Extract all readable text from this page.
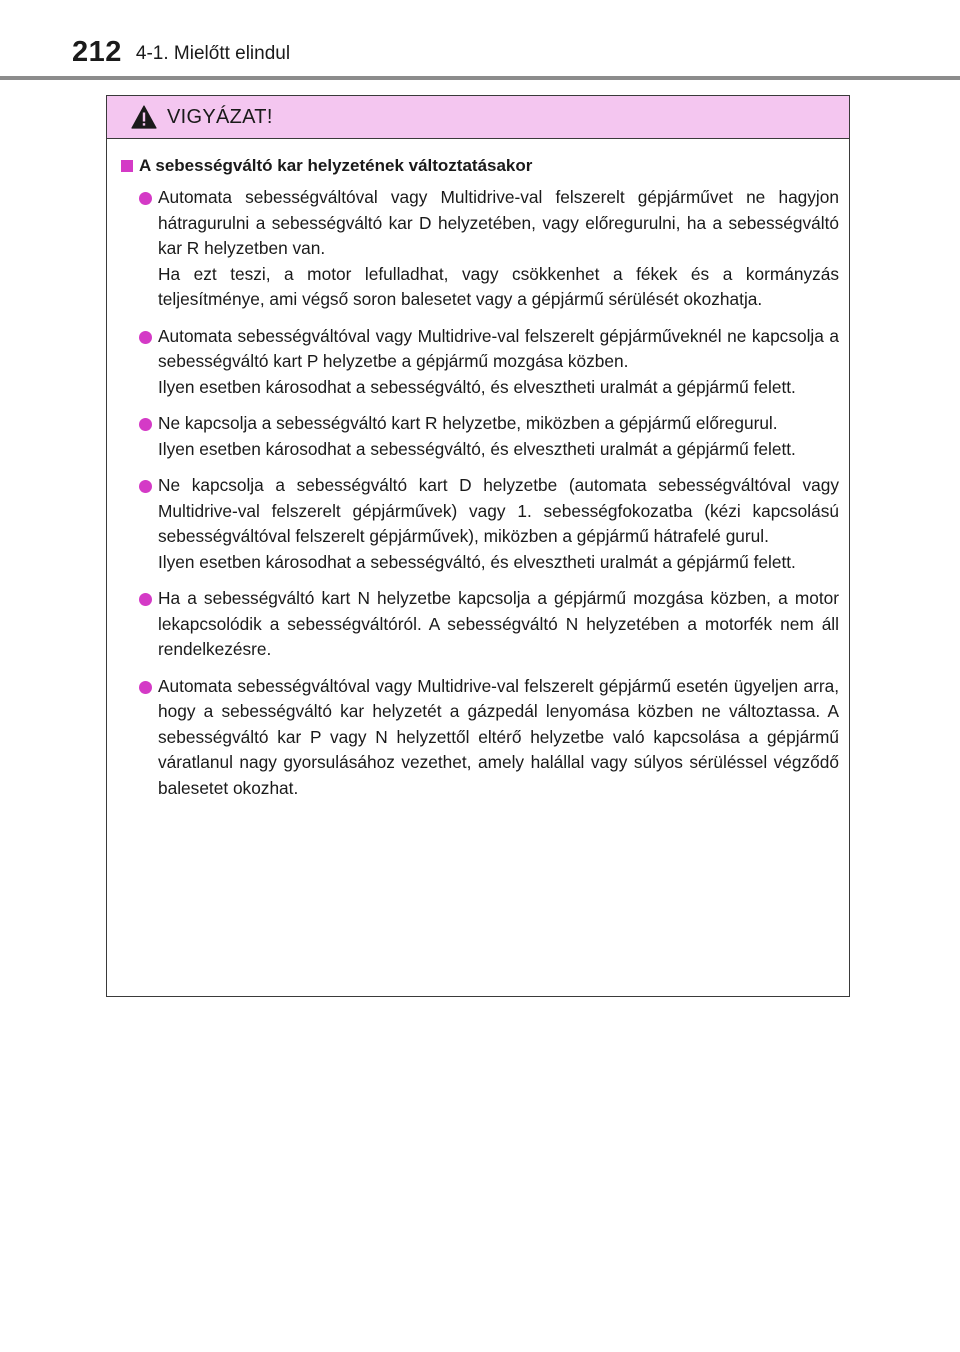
212 4-1. Mielőtt elindul
VIGYÁZAT!
A sebességváltó kar helyzetének változtatásakor

Automata sebességváltóval vagy Multidrive-val felszerelt gépjárművet ne hagyjon hátragurulni a sebességváltó kar D helyzetében, vagy előregurulni, ha a sebességváltó kar R helyzetben van.

Ha ezt teszi, a motor lefulladhat, vagy csökkenhet a fékek és a kormányzás teljesítménye, ami végső soron balesetet vagy a gépjármű sérülését okozhatja.

Automata sebességváltóval vagy Multidrive-val felszerelt gépjárműveknél ne kapcsolja a sebességváltó kart P helyzetbe a gépjármű mozgása közben.

Ilyen esetben károsodhat a sebességváltó, és elvesztheti uralmát a gépjármű felett.

Ne kapcsolja a sebességváltó kart R helyzetbe, miközben a gépjármű előregurul.

Ilyen esetben károsodhat a sebességváltó, és elvesztheti uralmát a gépjármű felett.

Ne kapcsolja a sebességváltó kart D helyzetbe (automata sebességváltóval vagy Multidrive-val felszerelt gépjárművek) vagy 1. sebességfokozatba (kézi kapcsolású sebességváltóval felszerelt gépjárművek), miközben a gépjármű hátrafelé gurul.

Ilyen esetben károsodhat a sebességváltó, és elvesztheti uralmát a gépjármű felett.

Ha a sebességváltó kart N helyzetbe kapcsolja a gépjármű mozgása közben, a motor lekapcsolódik a sebességváltóról. A sebességváltó N helyzetében a motorfék nem áll rendelkezésre.

Automata sebességváltóval vagy Multidrive-val felszerelt gépjármű esetén ügyeljen arra, hogy a sebességváltó kar helyzetét a gázpedál lenyomása közben ne változtassa. A sebességváltó kar P vagy N helyzettől eltérő helyzetbe való kapcsolása a gépjármű váratlanul nagy gyorsulásához vezethet, amely halállal vagy súlyos sérüléssel végződő balesetet okozhat.
